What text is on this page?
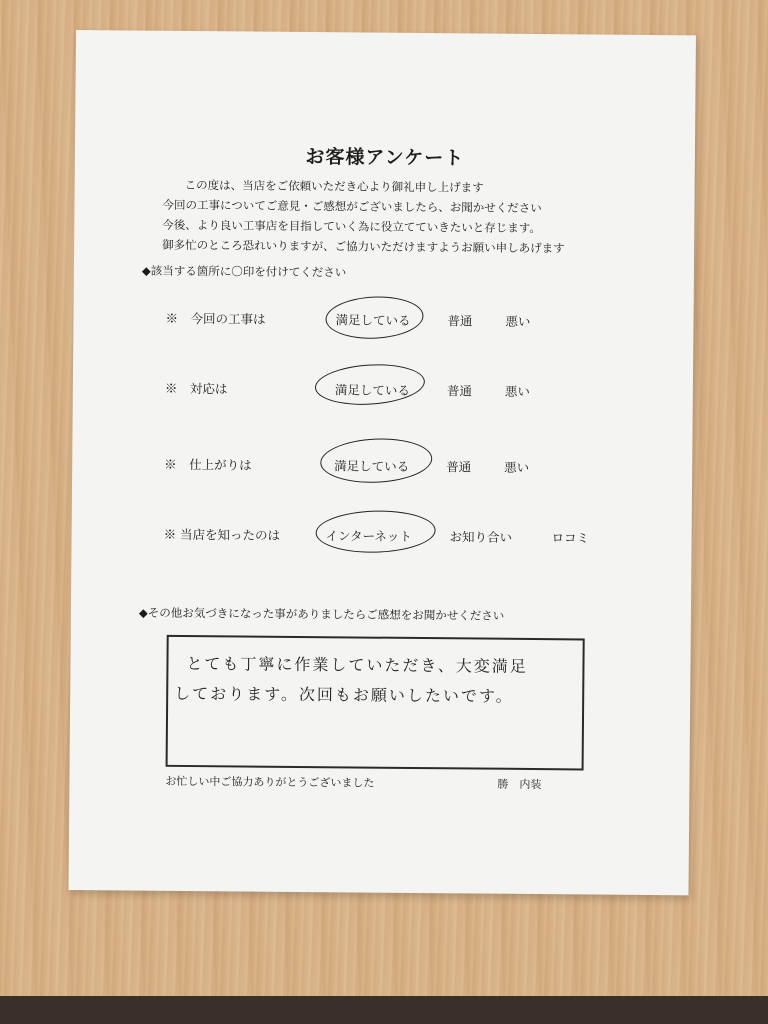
お客様アンケート
この度は、当店をご依頼いただき心より御礼申し上げます
今回の工事についてご意見・ご感想がございましたら、お聞かせください
今後、より良い工事店を目指していく為に役立てていきたいと存じます。
御多忙のところ恐れいりますが、ご協力いただけますようお願い申しあげます
◆該当する箇所に〇印を付けてください
※　今回の工事は	満足している	普通	悪い
※　対応は	満足している	普通	悪い
※　仕上がりは	満足している	普通	悪い
※ 当店を知ったのは	インターネット	お知り合い	ロコミ
◆その他お気づきになった事がありましたらご感想をお聞かせください
とても丁寧に作業していただき、大変満足
しております。次回もお願いしたいです。
お忙しい中ご協力ありがとうございました	勝　内装
